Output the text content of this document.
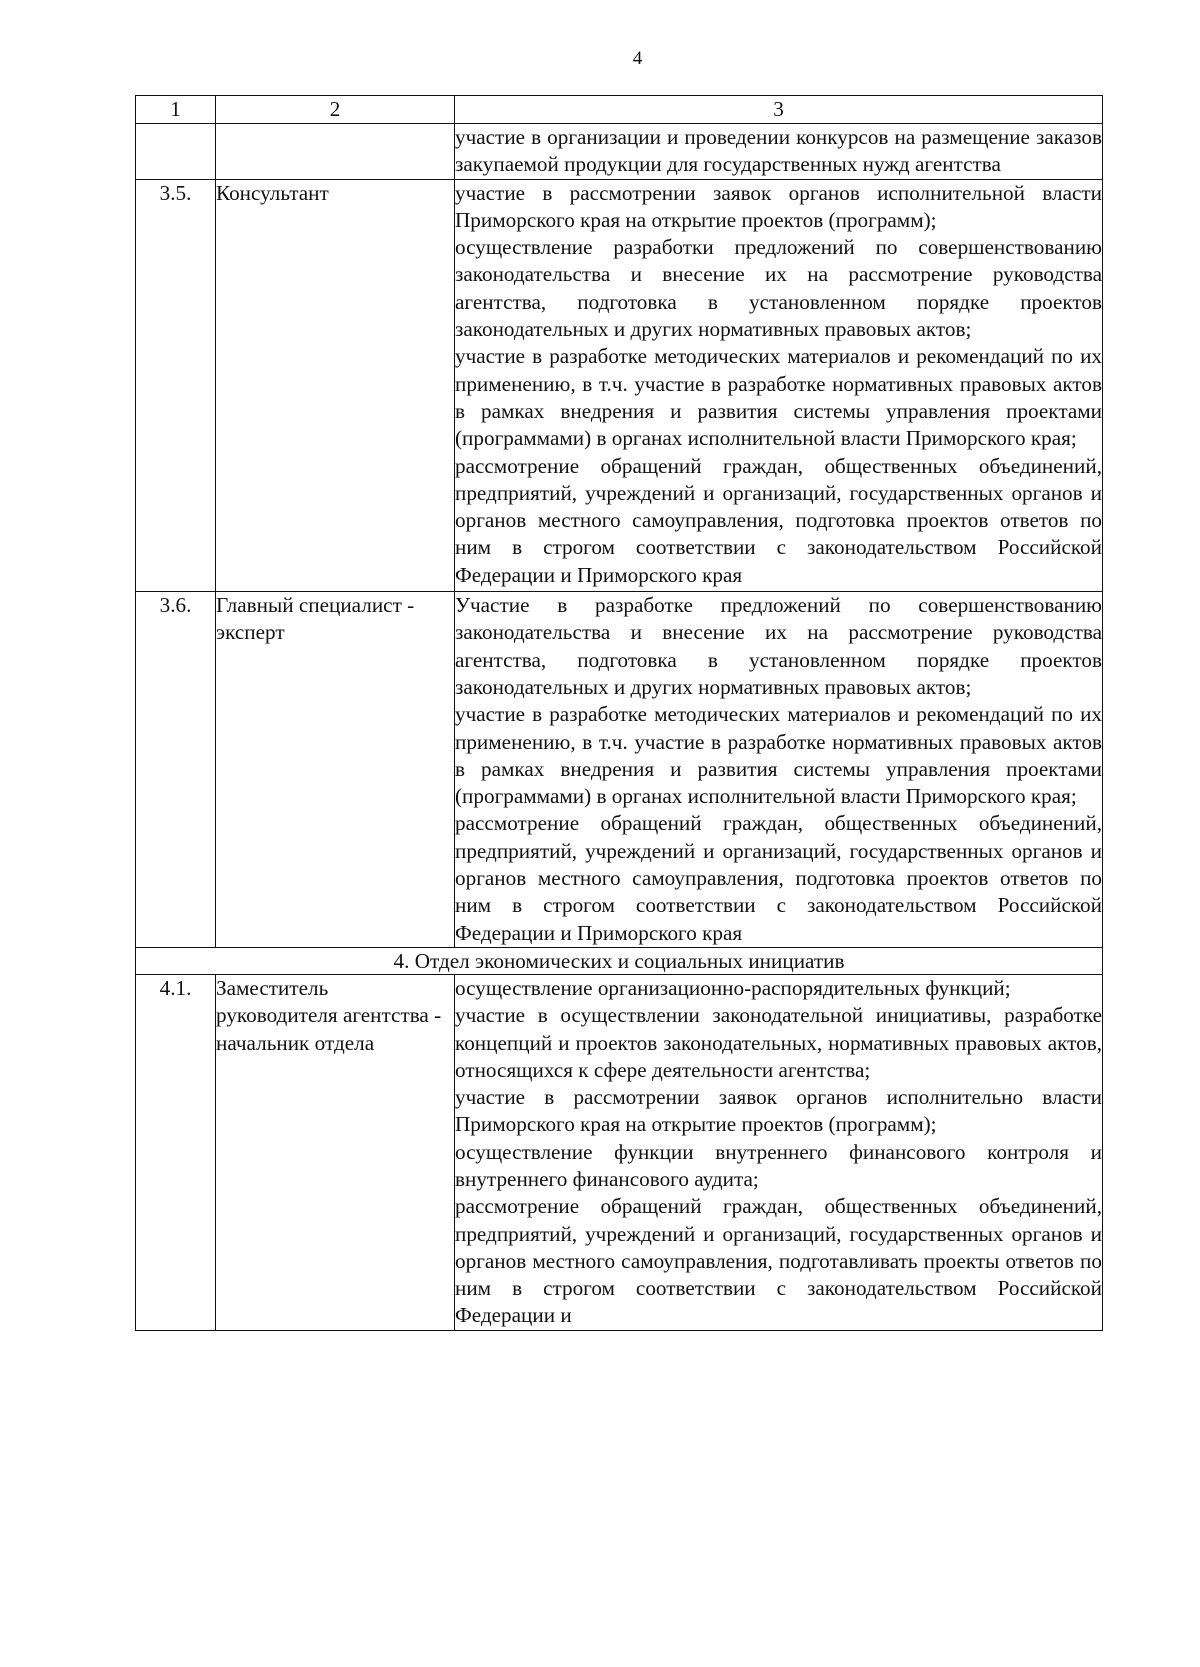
4
1	2	3

		участие в организации и проведении конкурсов на размещение заказов закупаемой продукции для государственных нужд агентства

3.5.	Консультант	участие в рассмотрении заявок органов исполнительной власти Приморского края на открытие проектов (программ);

осуществление разработки предложений по совершенствованию законодательства и внесение их на рассмотрение руководства агентства, подготовка в установленном порядке проектов законодательных и других нормативных правовых актов;

участие в разработке методических материалов и рекомендаций по их применению, в т.ч. участие в разработке нормативных правовых актов в рамках внедрения и развития системы управления проектами (программами) в органах исполнительной власти Приморского края;

рассмотрение обращений граждан, общественных объединений, предприятий, учреждений и организаций, государственных органов и органов местного самоуправления, подготовка проектов ответов по ним в строгом соответствии с законодательством Российской Федерации и Приморского края

3.6.	Главный специалист - эксперт	Участие в разработке предложений по совершенствованию законодательства и внесение их на рассмотрение руководства агентства, подготовка в установленном порядке проектов законодательных и других нормативных правовых актов;

участие в разработке методических материалов и рекомендаций по их применению, в т.ч. участие в разработке нормативных правовых актов в рамках внедрения и развития системы управления проектами (программами) в органах исполнительной власти Приморского края;

рассмотрение обращений граждан, общественных объединений, предприятий, учреждений и организаций, государственных органов и органов местного самоуправления, подготовка проектов ответов по ним в строгом соответствии с законодательством Российской Федерации и Приморского края

4. Отдел экономических и социальных инициатив		
4.1.	Заместитель руководителя агентства - начальник отдела	осуществление организационно-распорядительных функций;

участие в осуществлении законодательной инициативы, разработке концепций и проектов законодательных, нормативных правовых актов, относящихся к сфере деятельности агентства;

участие в рассмотрении заявок органов исполнительно власти Приморского края на открытие проектов (программ);

осуществление функции внутреннего финансового контроля и внутреннего финансового аудита;

рассмотрение обращений граждан, общественных объединений, предприятий, учреждений и организаций, государственных органов и органов местного самоуправления, подготавливать проекты ответов по ним в строгом соответствии с законодательством Российской Федерации и
